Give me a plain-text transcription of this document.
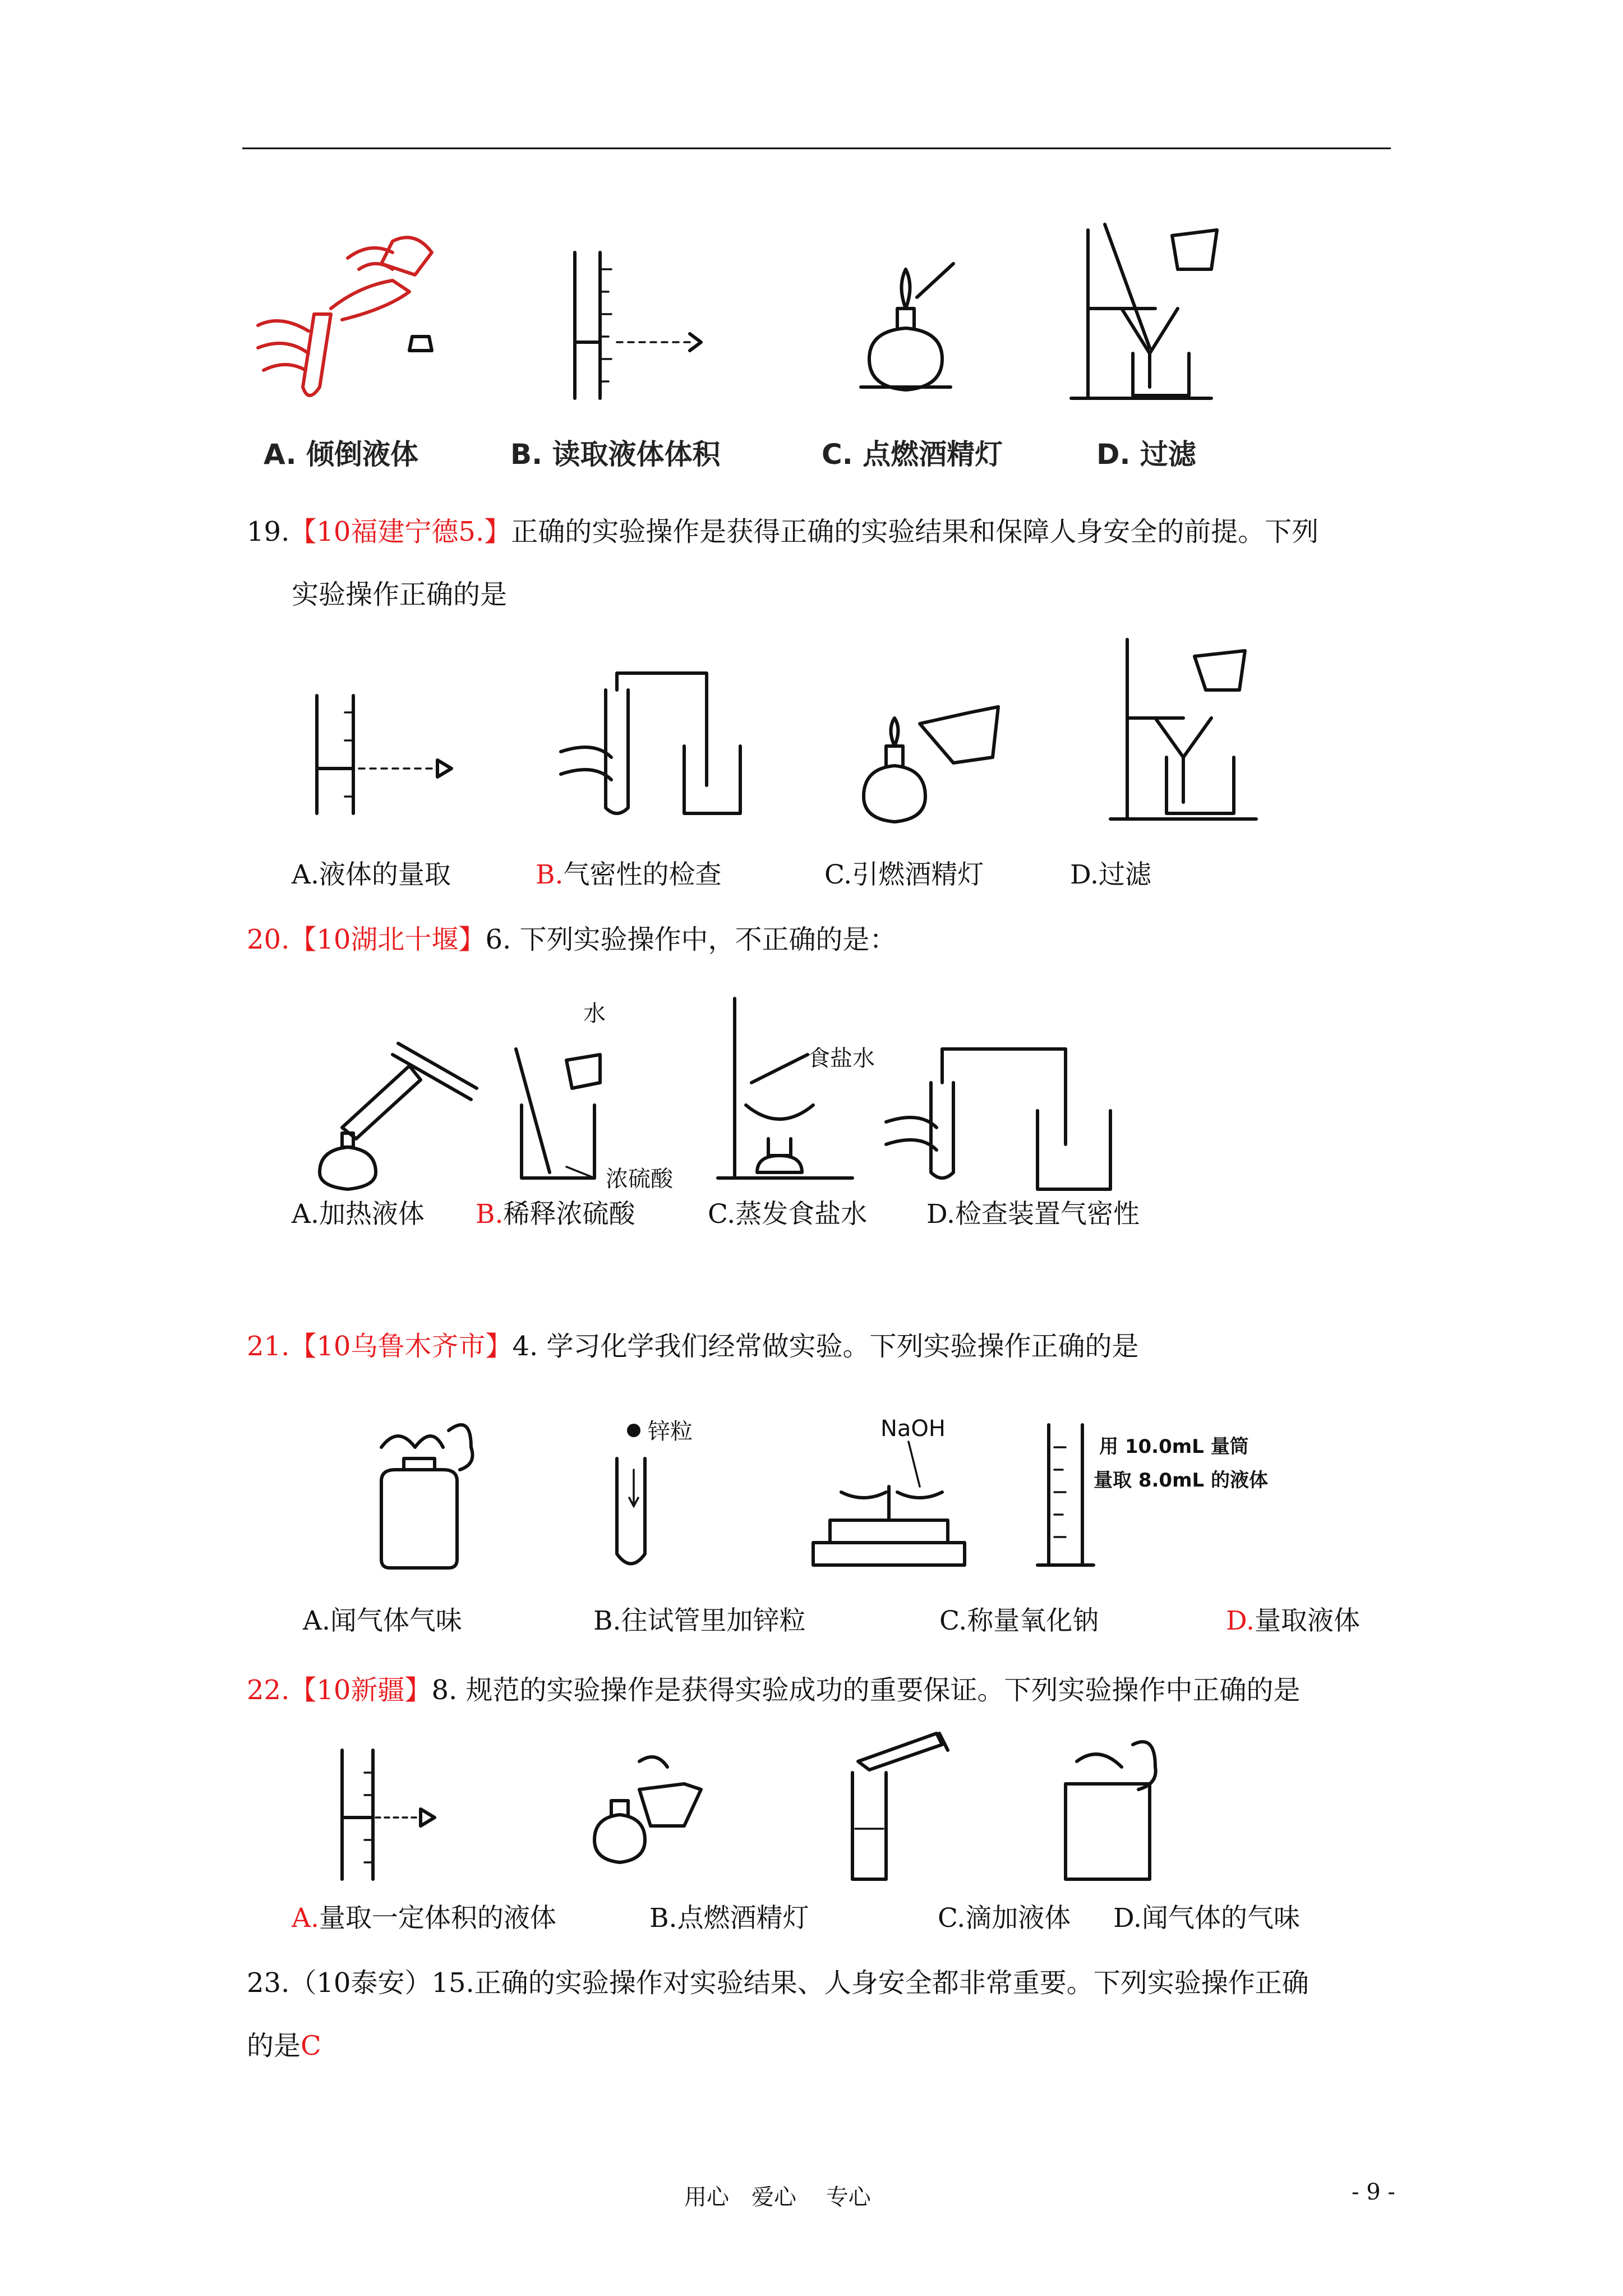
A. 倾倒液体	B. 读取液体体积	C. 点燃酒精灯	D. 过滤
19.【10福建宁德5.】正确的实验操作是获得正确的实验结果和保障人身安全的前提。下列
实验操作正确的是
A.液体的量取	B.气密性的检查	C.引燃酒精灯	D.过滤
20.【10湖北十堰】6. 下列实验操作中，不正确的是：
水
浓硫酸
食盐水
A.加热液体 B.稀释浓硫酸	C.蒸发食盐水 D.检查装置气密性
21.【10乌鲁木齐市】4. 学习化学我们经常做实验。下列实验操作正确的是
锌粒	NaOH
用 10.0mL 量筒
量取 8.0mL 的液体
A.闻气体气味	B.往试管里加锌粒	C.称量氧化钠	D.量取液体
22.【10新疆】8. 规范的实验操作是获得实验成功的重要保证。下列实验操作中正确的是
A.量取一定体积的液体	B.点燃酒精灯	C.滴加液体 D.闻气体的气味
23.（10泰安）15.正确的实验操作对实验结果、人身安全都非常重要。下列实验操作正确
的是C
用心　爱心　 专心	- 9 -
